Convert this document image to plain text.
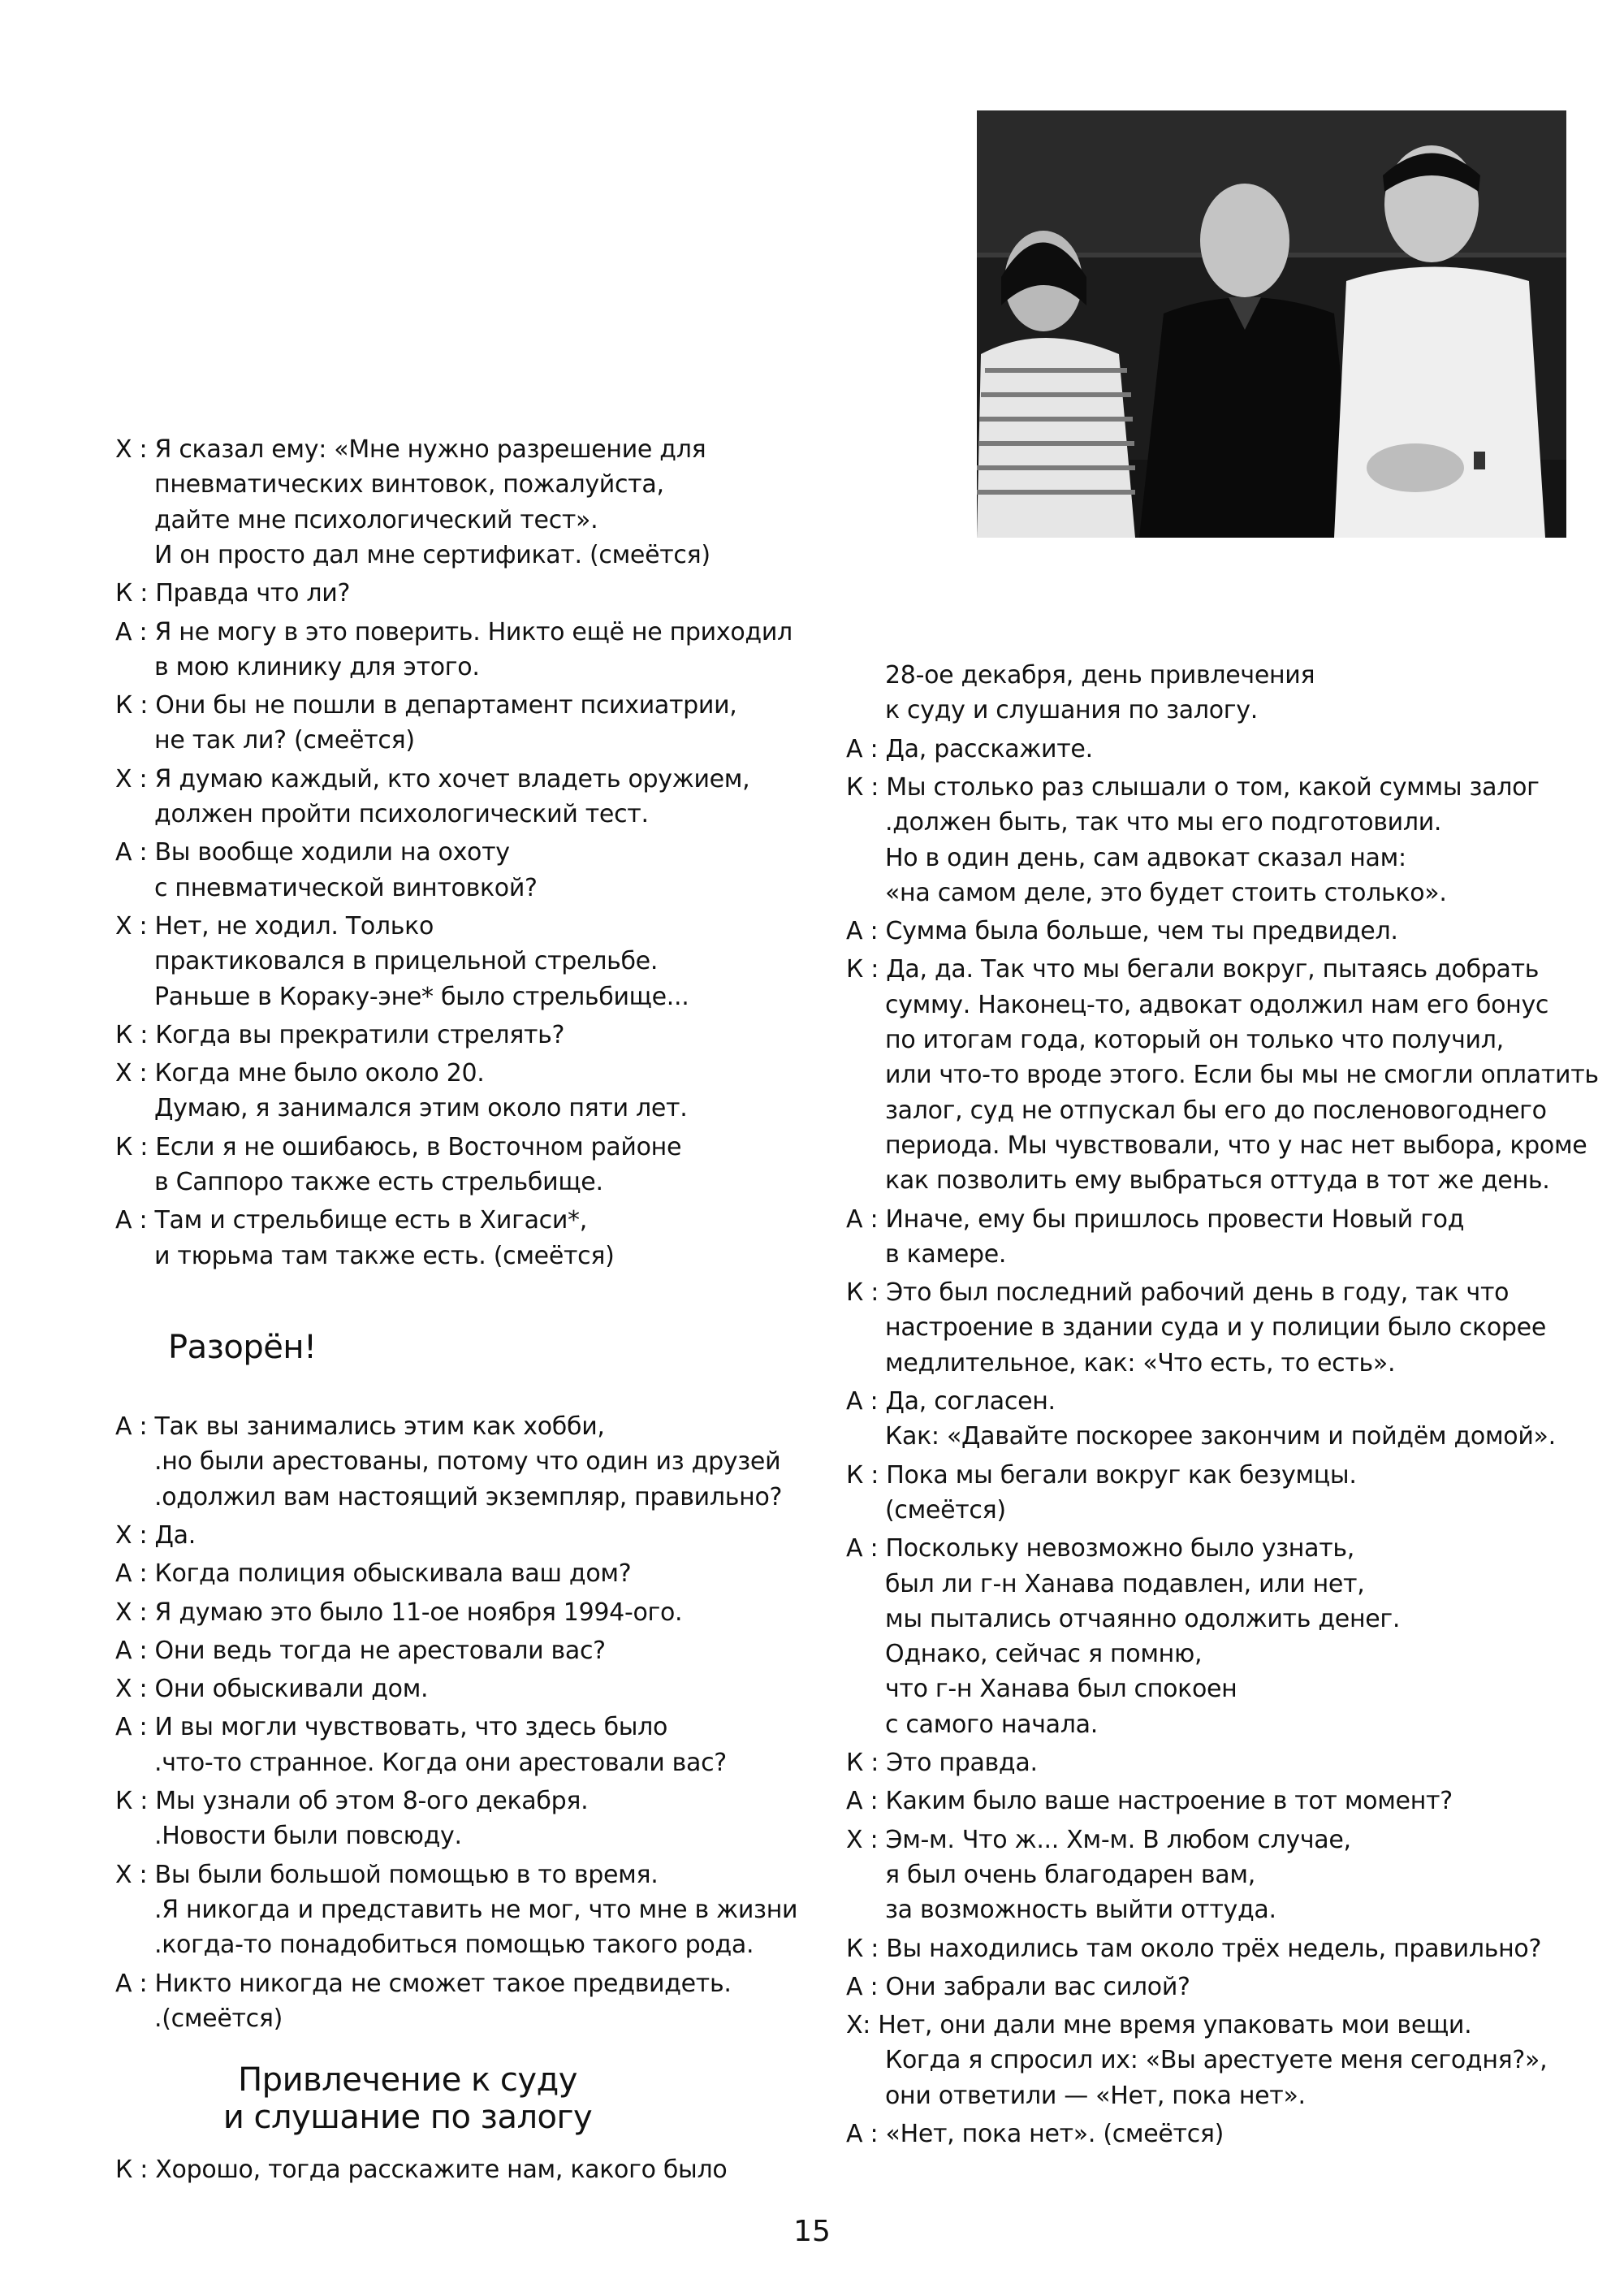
Х : Я сказал ему: «Мне нужно разрешение для
пневматических винтовок, пожалуйста,
дайте мне психологический тест».
И он просто дал мне сертификат. (смеётся)
К : Правда что ли?
А : Я не могу в это поверить. Никто ещё не приходил
в мою клинику для этого.
К : Они бы не пошли в департамент психиатрии,
не так ли? (смеётся)
Х : Я думаю каждый, кто хочет владеть оружием,
должен пройти психологический тест.
А : Вы вообще ходили на охоту
с пневматической винтовкой?
Х : Нет, не ходил. Только
практиковался в прицельной стрельбе.
Раньше в Кораку-эне* было стрельбище...
К : Когда вы прекратили стрелять?
Х : Когда мне было около 20.
Думаю, я занимался этим около пяти лет.
К : Если я не ошибаюсь, в Восточном районе
в Саппоро также есть стрельбище.
А : Там и стрельбище есть в Хигаси*,
и тюрьма там также есть. (смеётся)
Разорён!
А : Так вы занимались этим как хобби,
.но были арестованы, потому что один из друзей
.одолжил вам настоящий экземпляр, правильно?
Х : Да.
А : Когда полиция обыскивала ваш дом?
Х : Я думаю это было 11-ое ноября 1994-ого.
А : Они ведь тогда не арестовали вас?
Х : Они обыскивали дом.
А : И вы могли чувствовать, что здесь было
.что-то странное. Когда они арестовали вас?
К : Мы узнали об этом 8-ого декабря.
.Новости были повсюду.
Х : Вы были большой помощью в то время.
.Я никогда и представить не мог, что мне в жизни
.когда-то понадобиться помощью такого рода.
А : Никто никогда не сможет такое предвидеть.
.(смеётся)
Привлечение к суду
и слушание по залогу
К : Хорошо, тогда расскажите нам, какого было
28-ое декабря, день привлечения
к суду и слушания по залогу.
А : Да, расскажите.
К : Мы столько раз слышали о том, какой суммы залог
.должен быть, так что мы его подготовили.
Но в один день, сам адвокат сказал нам:
«на самом деле, это будет стоить столько».
А : Сумма была больше, чем ты предвидел.
К : Да, да. Так что мы бегали вокруг, пытаясь добрать
сумму. Наконец-то, адвокат одолжил нам его бонус
по итогам года, который он только что получил,
или что-то вроде этого. Если бы мы не смогли оплатить
залог, суд не отпускал бы его до посленовогоднего
периода. Мы чувствовали, что у нас нет выбора, кроме
как позволить ему выбраться оттуда в тот же день.
А : Иначе, ему бы пришлось провести Новый год
в камере.
К : Это был последний рабочий день в году, так что
настроение в здании суда и у полиции было скорее
медлительное, как: «Что есть, то есть».
А : Да, согласен.
Как: «Давайте поскорее закончим и пойдём домой».
К : Пока мы бегали вокруг как безумцы.
(смеётся)
А : Поскольку невозможно было узнать,
был ли г-н Ханава подавлен, или нет,
мы пытались отчаянно одолжить денег.
Однако, сейчас я помню,
что г-н Ханава был спокоен
с самого начала.
К : Это правда.
А : Каким было ваше настроение в тот момент?
Х : Эм-м. Что ж... Хм-м. В любом случае,
я был очень благодарен вам,
за возможность выйти оттуда.
К : Вы находились там около трёх недель, правильно?
А : Они забрали вас силой?
Х: Нет, они дали мне время упаковать мои вещи.
Когда я спросил их: «Вы арестуете меня сегодня?»,
они ответили — «Нет, пока нет».
А : «Нет, пока нет». (смеётся)
15
